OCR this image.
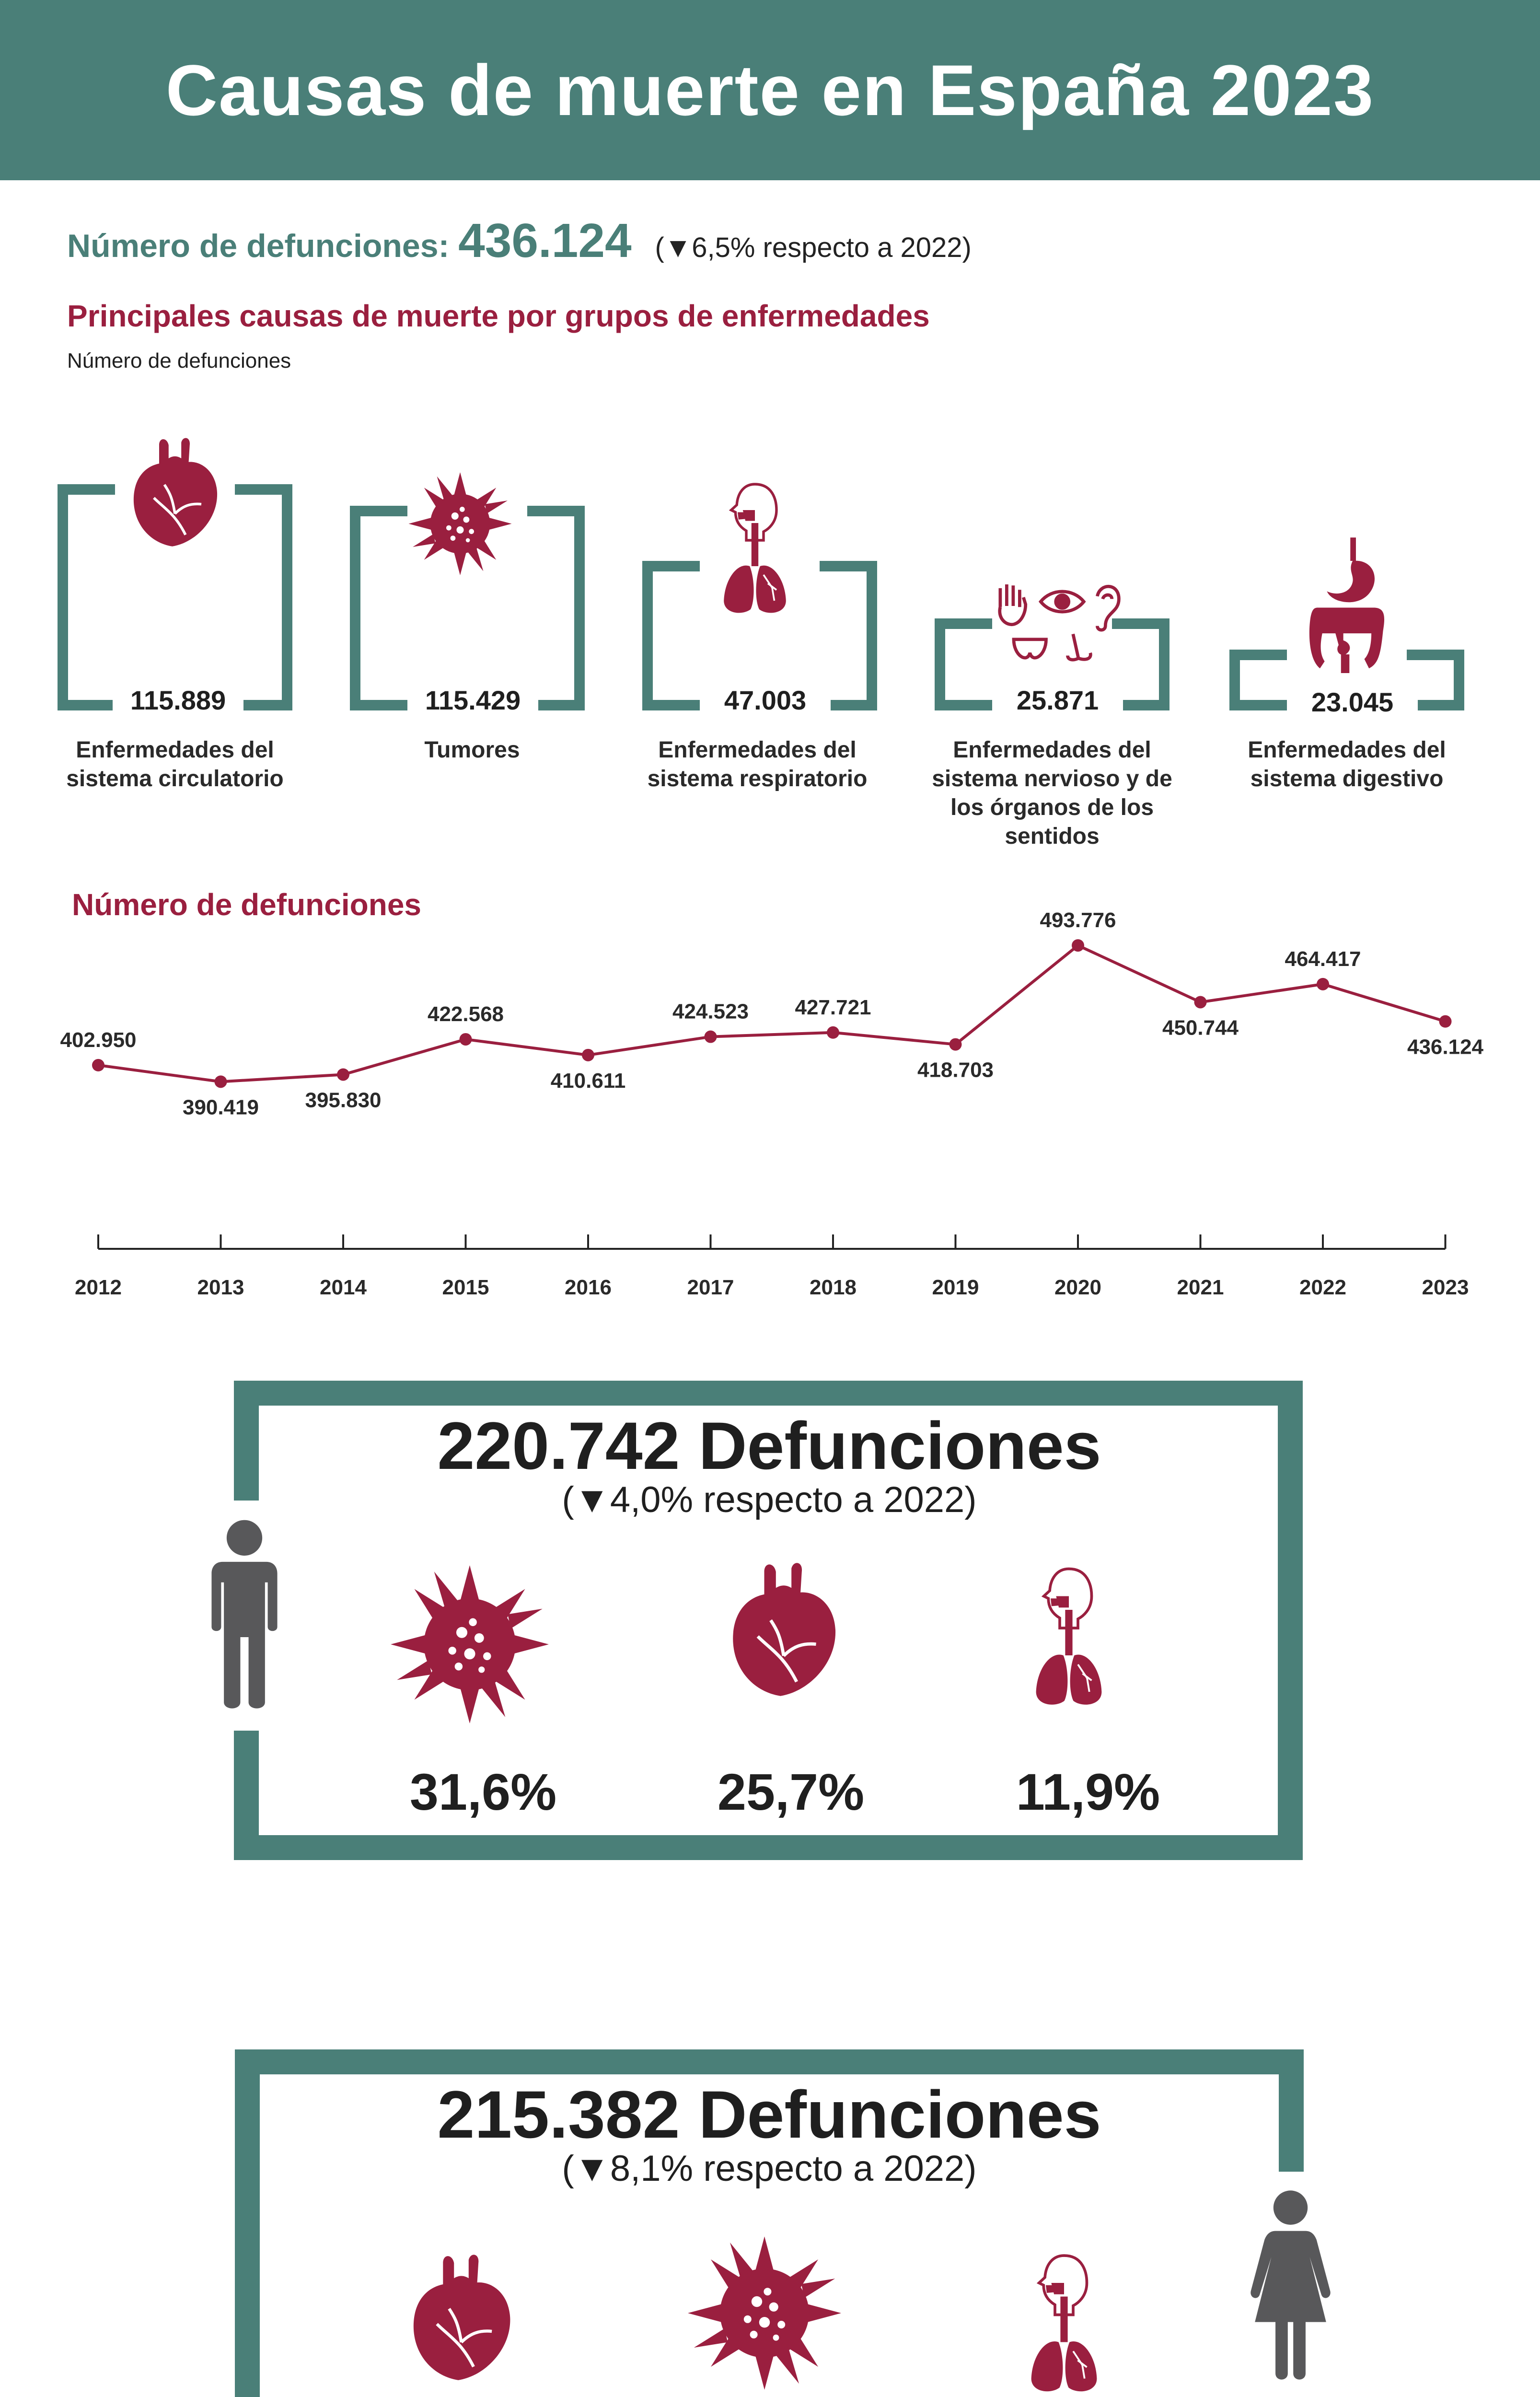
Causas de muerte en España 2023
Número de defunciones: 436.124 (▼6,5% respecto a 2022)
Principales causas de muerte por grupos de enfermedades
Número de defunciones
115.889
Enfermedades del sistema circulatorio
115.429
Tumores
47.003
Enfermedades del sistema respiratorio
25.871
Enfermedades del sistema nervioso y de los órganos de los sentidos
23.045
Enfermedades del sistema digestivo
402.950
2012
390.419
2013
395.830
2014
422.568
2015
410.611
2016
424.523
2017
427.721
2018
418.703
2019
493.776
2020
450.744
2021
464.417
2022
436.124
2023
Número de defunciones
220.742 Defunciones
(▼4,0% respecto a 2022)
31,6%	25,7%	11,9%
215.382 Defunciones
(▼8,1% respecto a 2022)
